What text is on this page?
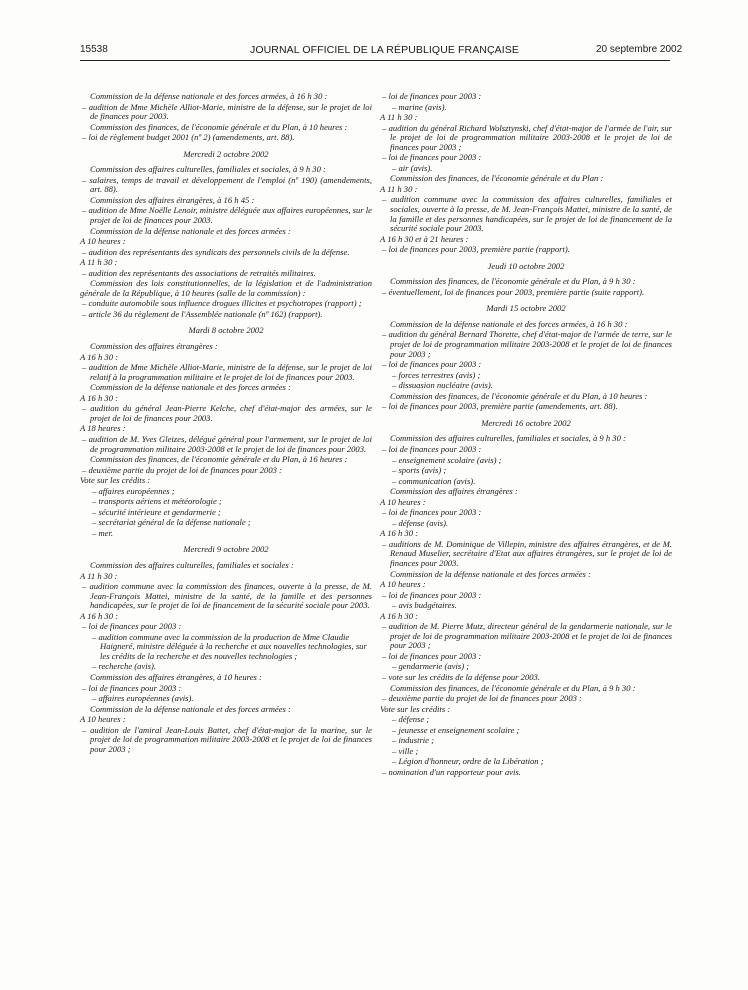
15538	JOURNAL OFFICIEL DE LA RÉPUBLIQUE FRANÇAISE	20 septembre 2002
Commission de la défense nationale et des forces armées, à 16 h 30 :
– audition de Mme Michèle Alliot-Marie, ministre de la défense, sur le projet de loi de finances pour 2003.
Commission des finances, de l'économie générale et du Plan, à 10 heures :
– loi de règlement budget 2001 (nº 2) (amendements, art. 88).
Mercredi 2 octobre 2002
Commission des affaires culturelles, familiales et sociales, à 9 h 30 :
– salaires, temps de travail et développement de l'emploi (nº 190) (amendements, art. 88).
Commission des affaires étrangères, à 16 h 45 :
– audition de Mme Noëlle Lenoir, ministre déléguée aux affaires européennes, sur le projet de loi de finances pour 2003.
Commission de la défense nationale et des forces armées :
A 10 heures :
– audition des représentants des syndicats des personnels civils de la défense.
A 11 h 30 :
– audition des représentants des associations de retraités militaires.
Commission des lois constitutionnelles, de la législation et de l'administration générale de la République, à 10 heures (salle de la commission) :
– conduite automobile sous influence drogues illicites et psychotropes (rapport) ;
– article 36 du règlement de l'Assemblée nationale (nº 162) (rapport).
Mardi 8 octobre 2002
Commission des affaires étrangères :
A 16 h 30 :
– audition de Mme Michèle Alliot-Marie, ministre de la défense, sur le projet de loi relatif à la programmation militaire et le projet de loi de finances pour 2003.
Commission de la défense nationale et des forces armées :
A 16 h 30 :
– audition du général Jean-Pierre Kelche, chef d'état-major des armées, sur le projet de loi de finances pour 2003.
A 18 heures :
– audition de M. Yves Gleizes, délégué général pour l'armement, sur le projet de loi de programmation militaire 2003-2008 et le projet de loi de finances pour 2003.
Commission des finances, de l'économie générale et du Plan, à 16 heures :
– deuxième partie du projet de loi de finances pour 2003 :
Vote sur les crédits :
– affaires européennes ;
– transports aériens et météorologie ;
– sécurité intérieure et gendarmerie ;
– secrétariat général de la défense nationale ;
– mer.
Mercredi 9 octobre 2002
Commission des affaires culturelles, familiales et sociales :
A 11 h 30 :
– audition commune avec la commission des finances, ouverte à la presse, de M. Jean-François Mattei, ministre de la santé, de la famille et des personnes handicapées, sur le projet de loi de financement de la sécurité sociale pour 2003.
A 16 h 30 :
– loi de finances pour 2003 :
– audition commune avec la commission de la production de Mme Claudie Haigneré, ministre déléguée à la recherche et aux nouvelles technologies, sur les crédits de la recherche et des nouvelles technologies ;
– recherche (avis).
Commission des affaires étrangères, à 10 heures :
– loi de finances pour 2003 :
– affaires européennes (avis).
Commission de la défense nationale et des forces armées :
A 10 heures :
– audition de l'amiral Jean-Louis Battet, chef d'état-major de la marine, sur le projet de loi de programmation militaire 2003-2008 et le projet de loi de finances pour 2003 ;
– loi de finances pour 2003 :
– marine (avis).
A 11 h 30 :
– audition du général Richard Wolsztynski, chef d'état-major de l'armée de l'air, sur le projet de loi de programmation militaire 2003-2008 et le projet de loi de finances pour 2003 ;
– loi de finances pour 2003 :
– air (avis).
Commission des finances, de l'économie générale et du Plan :
A 11 h 30 :
– audition commune avec la commission des affaires culturelles, familiales et sociales, ouverte à la presse, de M. Jean-François Mattei, ministre de la santé, de la famille et des personnes handicapées, sur le projet de loi de financement de la sécurité sociale pour 2003.
A 16 h 30 et à 21 heures :
– loi de finances pour 2003, première partie (rapport).
Jeudi 10 octobre 2002
Commission des finances, de l'économie générale et du Plan, à 9 h 30 :
– éventuellement, loi de finances pour 2003, première partie (suite rapport).
Mardi 15 octobre 2002
Commission de la défense nationale et des forces armées, à 16 h 30 :
– audition du général Bernard Thorette, chef d'état-major de l'armée de terre, sur le projet de loi de programmation militaire 2003-2008 et le projet de loi de finances pour 2003 ;
– loi de finances pour 2003 :
– forces terrestres (avis) ;
– dissuasion nucléaire (avis).
Commission des finances, de l'économie générale et du Plan, à 10 heures :
– loi de finances pour 2003, première partie (amendements, art. 88).
Mercredi 16 octobre 2002
Commission des affaires culturelles, familiales et sociales, à 9 h 30 :
– loi de finances pour 2003 :
– enseignement scolaire (avis) ;
– sports (avis) ;
– communication (avis).
Commission des affaires étrangères :
A 10 heures :
– loi de finances pour 2003 :
– défense (avis).
A 16 h 30 :
– auditions de M. Dominique de Villepin, ministre des affaires étrangères, et de M. Renaud Muselier, secrétaire d'Etat aux affaires étrangères, sur le projet de loi de finances pour 2003.
Commission de la défense nationale et des forces armées :
A 10 heures :
– loi de finances pour 2003 :
– avis budgétaires.
A 16 h 30 :
– audition de M. Pierre Mutz, directeur général de la gendarmerie nationale, sur le projet de loi de programmation militaire 2003-2008 et le projet de loi de finances pour 2003 ;
– loi de finances pour 2003 :
– gendarmerie (avis) ;
– vote sur les crédits de la défense pour 2003.
Commission des finances, de l'économie générale et du Plan, à 9 h 30 :
– deuxième partie du projet de loi de finances pour 2003 :
Vote sur les crédits :
– défense ;
– jeunesse et enseignement scolaire ;
– industrie ;
– ville ;
– Légion d'honneur, ordre de la Libération ;
– nomination d'un rapporteur pour avis.
